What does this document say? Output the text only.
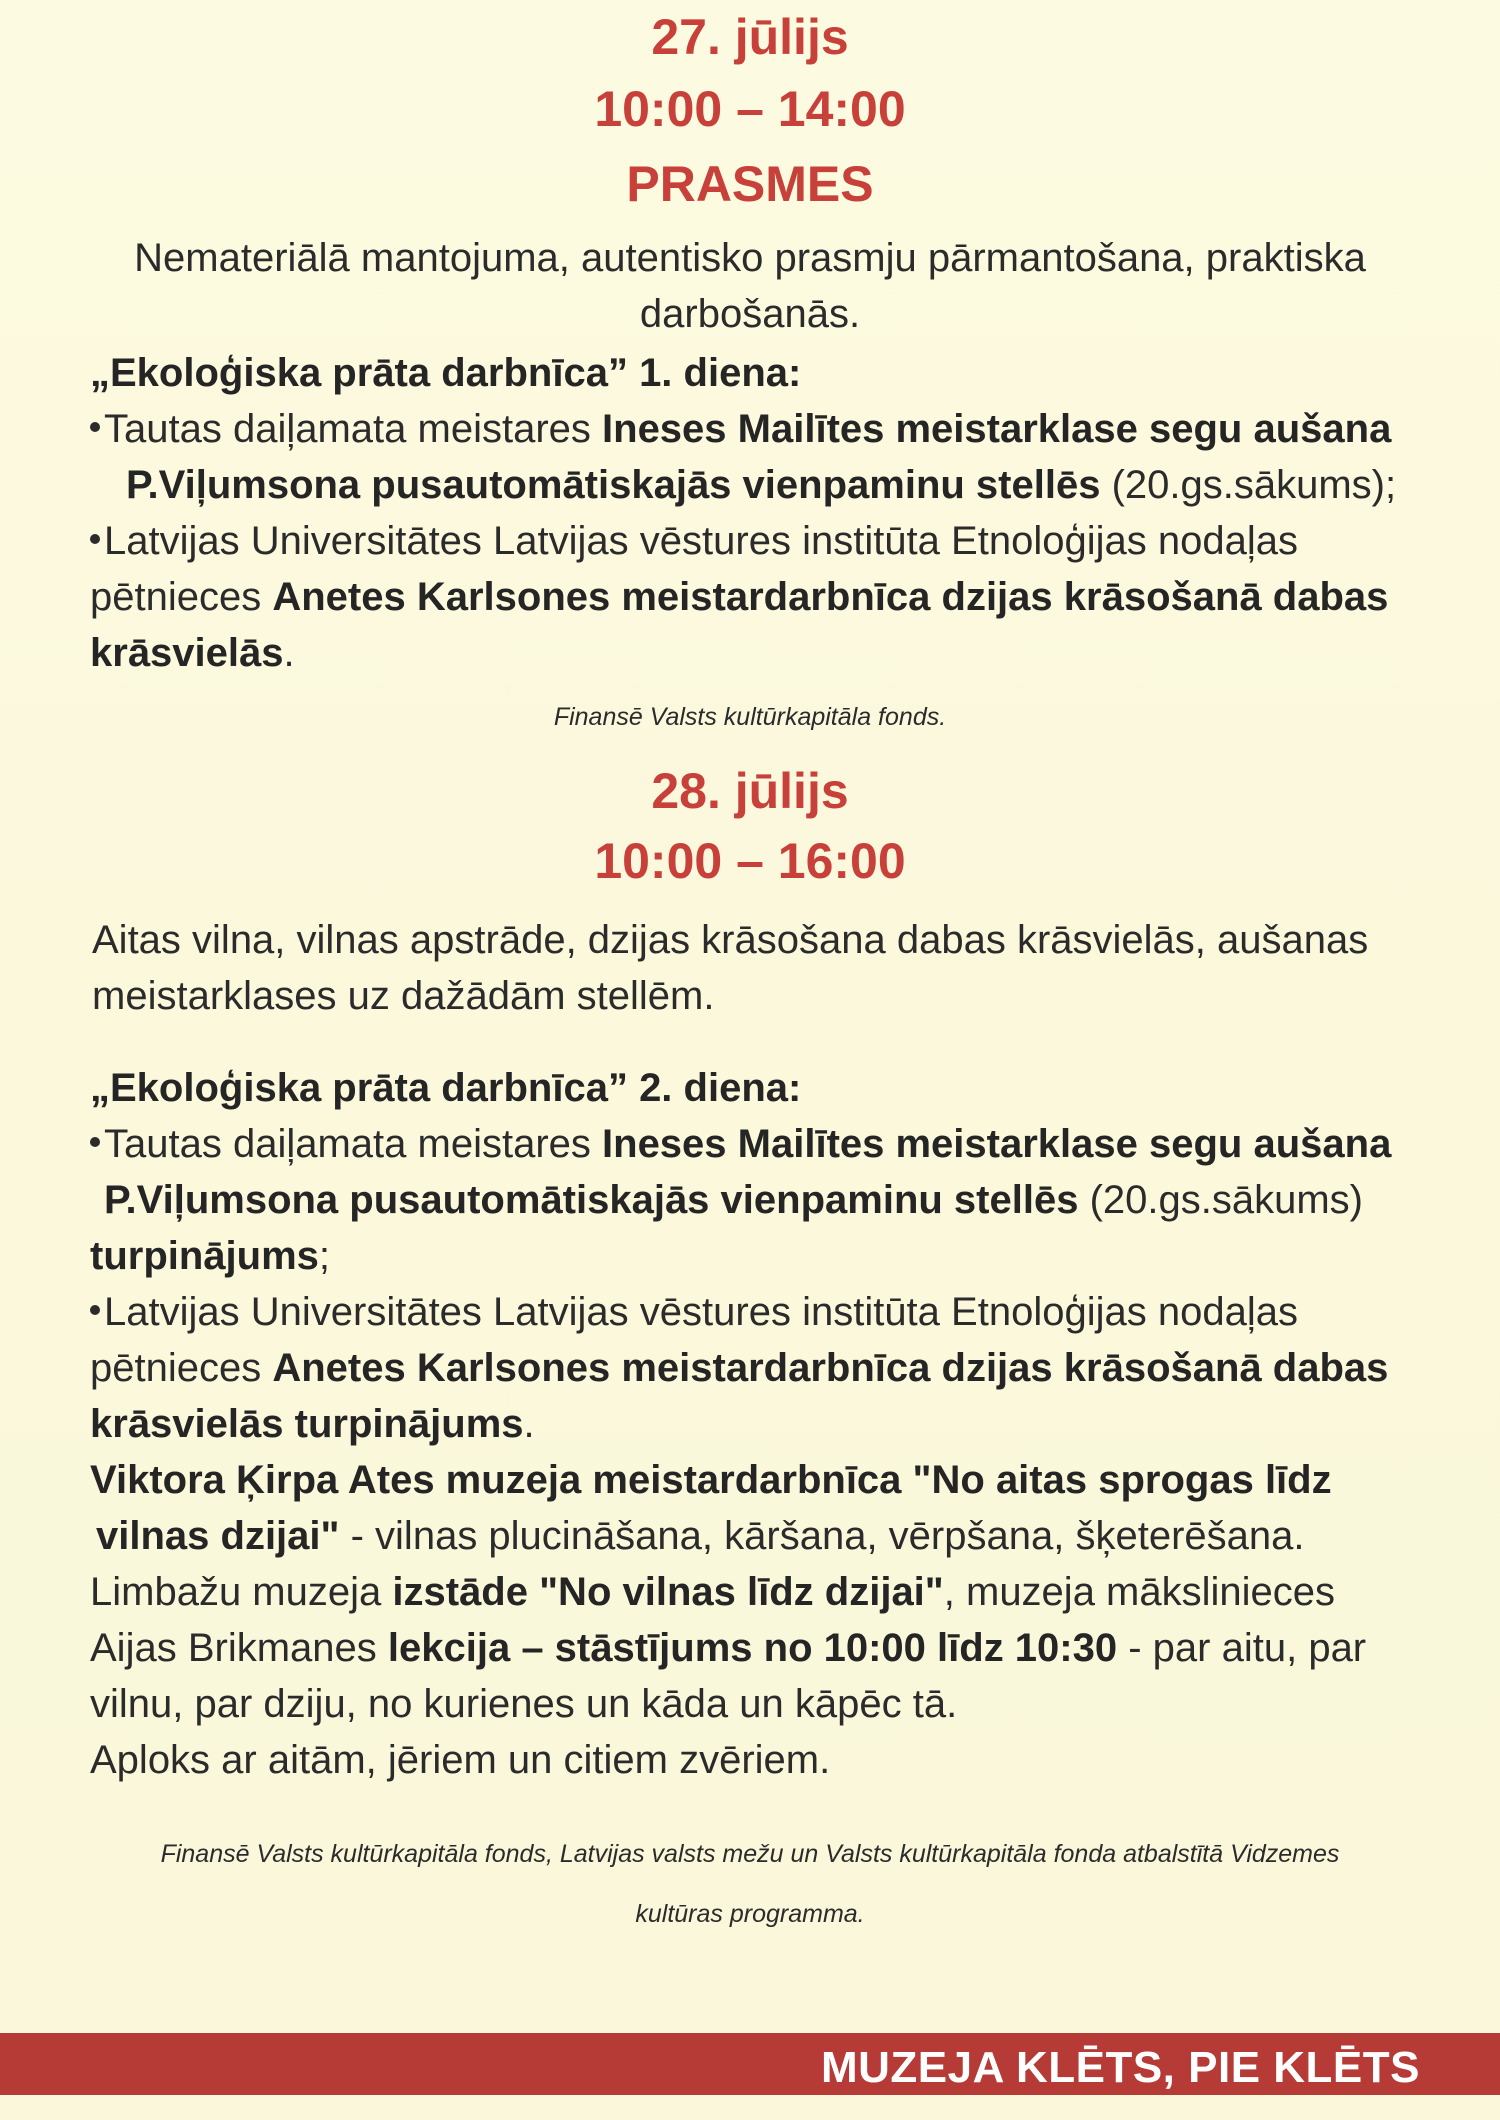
27. jūlijs
10:00 – 14:00
PRASMES
Nemateriālā mantojuma, autentisko prasmju pārmantošana, praktiska
darbošanās.
„Ekoloģiska prāta darbnīca” 1. diena:
Tautas daiļamata meistares Ineses Mailītes meistarklase segu aušana
P.Viļumsona pusautomātiskajās vienpaminu stellēs (20.gs.sākums);
Latvijas Universitātes Latvijas vēstures institūta Etnoloģijas nodaļas
pētnieces Anetes Karlsones meistardarbnīca dzijas krāsošanā dabas
krāsvielās.
Finansē Valsts kultūrkapitāla fonds.
28. jūlijs
10:00 – 16:00
Aitas vilna, vilnas apstrāde, dzijas krāsošana dabas krāsvielās, aušanas
meistarklases uz dažādām stellēm.
„Ekoloģiska prāta darbnīca” 2. diena:
Tautas daiļamata meistares Ineses Mailītes meistarklase segu aušana
P.Viļumsona pusautomātiskajās vienpaminu stellēs (20.gs.sākums)
turpinājums;
Latvijas Universitātes Latvijas vēstures institūta Etnoloģijas nodaļas
pētnieces Anetes Karlsones meistardarbnīca dzijas krāsošanā dabas
krāsvielās turpinājums.
Viktora Ķirpa Ates muzeja meistardarbnīca "No aitas sprogas līdz
vilnas dzijai" - vilnas plucināšana, kāršana, vērpšana, šķeterēšana.
Limbažu muzeja izstāde "No vilnas līdz dzijai", muzeja mākslinieces
Aijas Brikmanes lekcija – stāstījums no 10:00 līdz 10:30 - par aitu, par
vilnu, par dziju, no kurienes un kāda un kāpēc tā.
Aploks ar aitām, jēriem un citiem zvēriem.
Finansē Valsts kultūrkapitāla fonds, Latvijas valsts mežu un Valsts kultūrkapitāla fonda atbalstītā Vidzemes
kultūras programma.
MUZEJA KLĒTS, PIE KLĒTS
